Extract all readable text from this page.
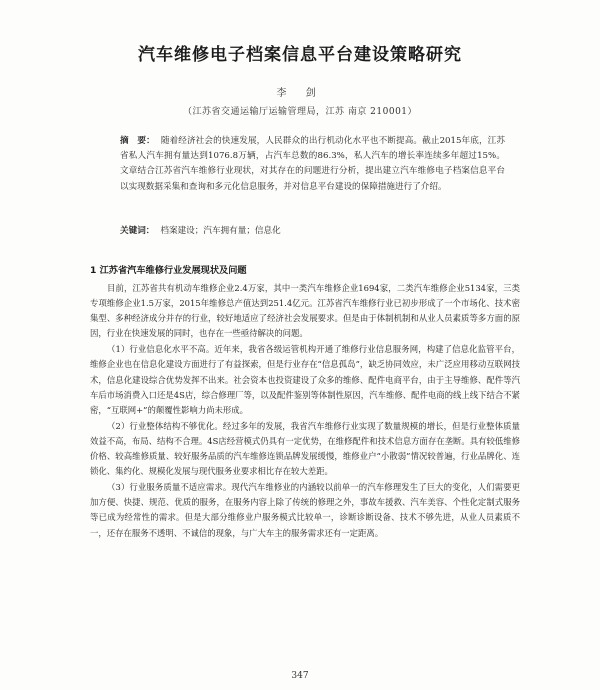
汽车维修电子档案信息平台建设策略研究
李 剑
（江苏省交通运输厅运输管理局，江苏 南京 210001）
摘　要： 随着经济社会的快速发展，人民群众的出行机动化水平也不断提高。截止2015年底，江苏省私人汽车拥有量达到1076.8万辆，占汽车总数的86.3%，私人汽车的增长率连续多年超过15%。文章结合江苏省汽车维修行业现状，对其存在的问题进行分析，提出建立汽车维修电子档案信息平台以实现数据采集和查询和多元化信息服务，并对信息平台建设的保障措施进行了介绍。
关键词： 档案建设；汽车拥有量；信息化
1 江苏省汽车维修行业发展现状及问题

目前，江苏省共有机动车维修企业2.4万家，其中一类汽车维修企业1694家，二类汽车维修企业5134家，三类专项维修企业1.5万家，2015年维修总产值达到251.4亿元。江苏省汽车维修行业已初步形成了一个市场化、技术密集型、多种经济成分并存的行业，较好地适应了经济社会发展要求。但是由于体制机制和从业人员素质等多方面的原因，行业在快速发展的同时，也存在一些亟待解决的问题。

（1）行业信息化水平不高。近年来，我省各级运管机构开通了维修行业信息服务网，构建了信息化监管平台，维修企业也在信息化建设方面进行了有益探索，但是行业存在“信息孤岛”，缺乏协同效应，未广泛应用移动互联网技术，信息化建设综合优势发挥不出来。社会资本也投资建设了众多的维修、配件电商平台，由于主导维修、配件等汽车后市场消费入口还是4S店，综合修理厂等，以及配件鉴别等体制性原因，汽车维修、配件电商的线上线下结合不紧密，“互联网+”的颠覆性影响力尚未形成。

（2）行业整体结构不够优化。经过多年的发展，我省汽车维修行业实现了数量规模的增长，但是行业整体质量效益不高，布局、结构不合理。4S店经营模式仍具有一定优势，在维修配件和技术信息方面存在垄断。具有较低维修价格、较高维修质量、较好服务品质的汽车维修连锁品牌发展缓慢，维修业户“小散弱”情况较普遍，行业品牌化、连锁化、集约化、规模化发展与现代服务业要求相比存在较大差距。

（3）行业服务质量不适应需求。现代汽车维修业的内涵较以前单一的汽车修理发生了巨大的变化，人们需要更加方便、快捷、规范、优质的服务，在服务内容上除了传统的修理之外，事故车援救、汽车美容、个性化定制式服务等已成为经常性的需求。但是大部分维修业户服务模式比较单一，诊断诊断设备、技术不够先进，从业人员素质不一，还存在服务不透明、不诚信的现象，与广大车主的服务需求还有一定距离。

347
